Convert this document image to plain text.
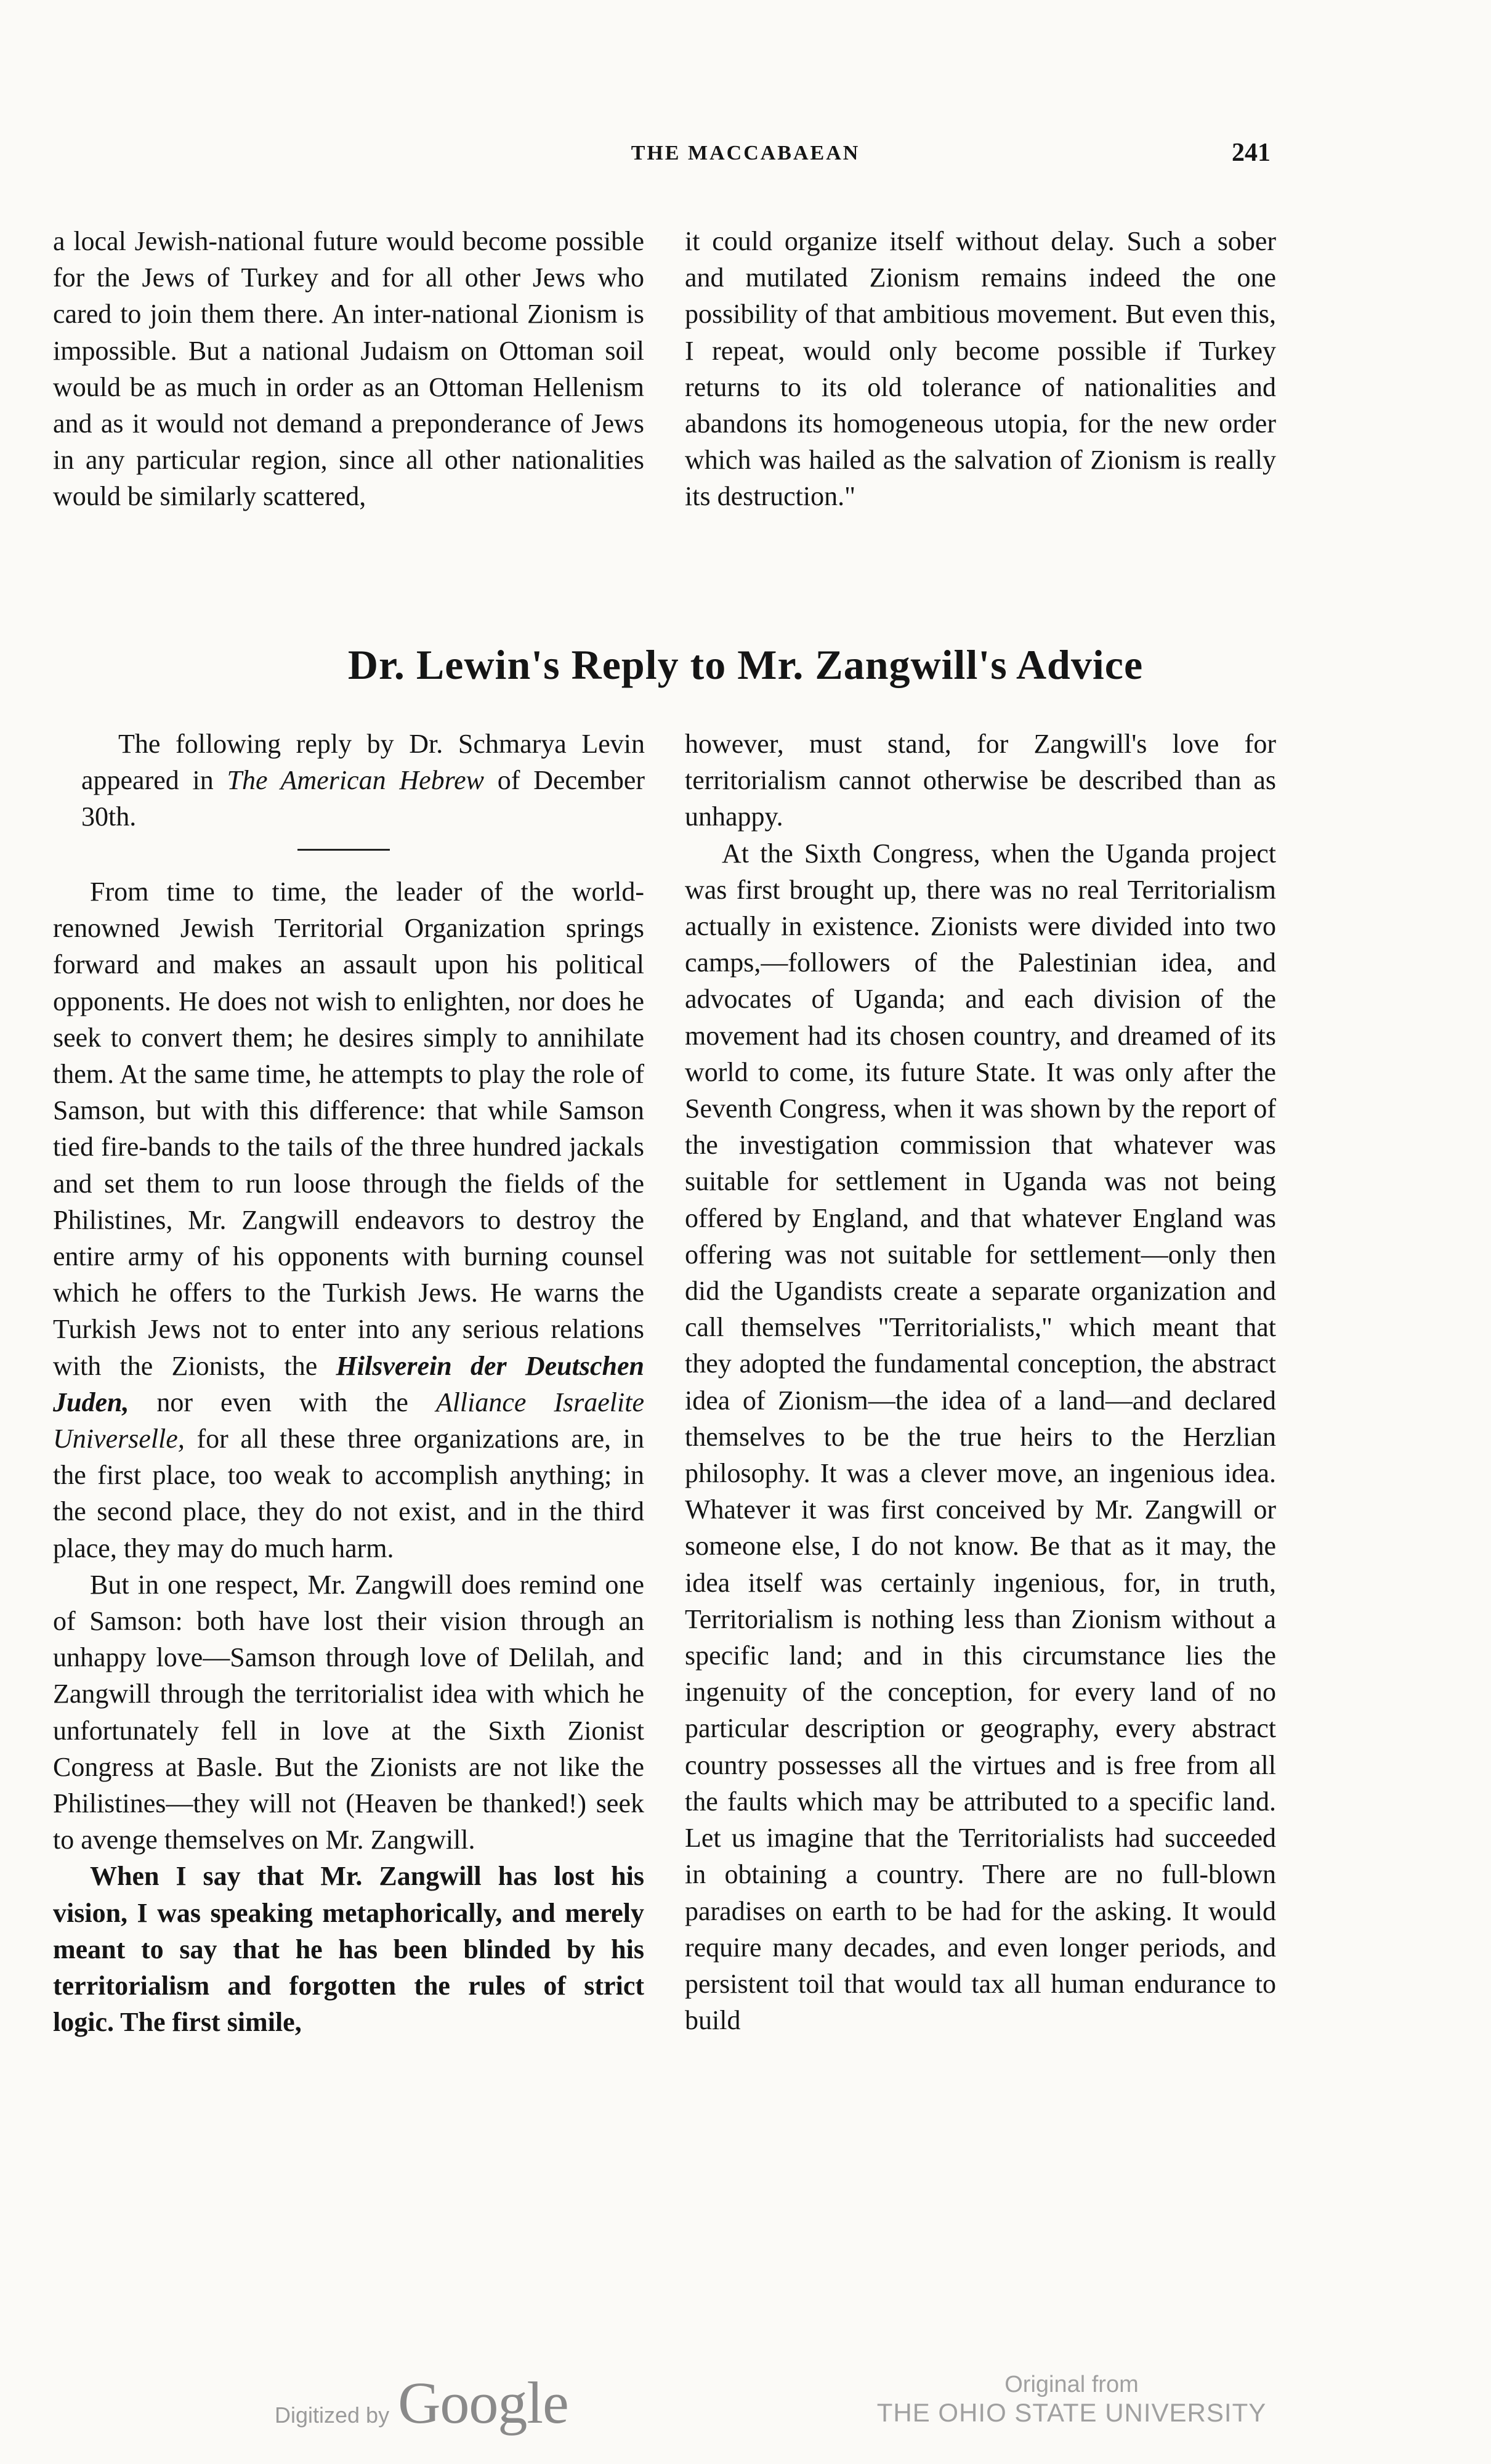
THE MACCABAEAN	241

a local Jewish-national future would become possible for the Jews of Turkey and for all other Jews who cared to join them there. An inter-national Zionism is impossible. But a national Judaism on Ottoman soil would be as much in order as an Ottoman Hellenism and as it would not demand a preponderance of Jews in any particular region, since all other nationalities would be similarly scattered,

it could organize itself without delay. Such a sober and mutilated Zionism remains indeed the one possibility of that ambitious movement. But even this, I repeat, would only become possible if Turkey returns to its old tolerance of nationalities and abandons its homogeneous utopia, for the new order which was hailed as the salvation of Zionism is really its destruction."

Dr. Lewin's Reply to Mr. Zangwill's Advice

The following reply by Dr. Schmarya Levin appeared in The American Hebrew of December 30th.

From time to time, the leader of the world-renowned Jewish Territorial Organization springs forward and makes an assault upon his political opponents. He does not wish to enlighten, nor does he seek to convert them; he desires simply to annihilate them. At the same time, he attempts to play the role of Samson, but with this difference: that while Samson tied fire-bands to the tails of the three hundred jackals and set them to run loose through the fields of the Philistines, Mr. Zangwill endeavors to destroy the entire army of his opponents with burning counsel which he offers to the Turkish Jews. He warns the Turkish Jews not to enter into any serious relations with the Zionists, the Hilsverein der Deutschen Juden, nor even with the Alliance Israelite Universelle, for all these three organizations are, in the first place, too weak to accomplish anything; in the second place, they do not exist, and in the third place, they may do much harm.

But in one respect, Mr. Zangwill does remind one of Samson: both have lost their vision through an unhappy love—Samson through love of Delilah, and Zangwill through the territorialist idea with which he unfortunately fell in love at the Sixth Zionist Congress at Basle. But the Zionists are not like the Philistines—they will not (Heaven be thanked!) seek to avenge themselves on Mr. Zangwill.

When I say that Mr. Zangwill has lost his vision, I was speaking metaphorically, and merely meant to say that he has been blinded by his territorialism and forgotten the rules of strict logic. The first simile,

however, must stand, for Zangwill's love for territorialism cannot otherwise be described than as unhappy.

At the Sixth Congress, when the Uganda project was first brought up, there was no real Territorialism actually in existence. Zionists were divided into two camps,—followers of the Palestinian idea, and advocates of Uganda; and each division of the movement had its chosen country, and dreamed of its world to come, its future State. It was only after the Seventh Congress, when it was shown by the report of the investigation commission that whatever was suitable for settlement in Uganda was not being offered by England, and that whatever England was offering was not suitable for settlement—only then did the Ugandists create a separate organization and call themselves "Territorialists," which meant that they adopted the fundamental conception, the abstract idea of Zionism—the idea of a land—and declared themselves to be the true heirs to the Herzlian philosophy. It was a clever move, an ingenious idea. Whatever it was first conceived by Mr. Zangwill or someone else, I do not know. Be that as it may, the idea itself was certainly ingenious, for, in truth, Territorialism is nothing less than Zionism without a specific land; and in this circumstance lies the ingenuity of the conception, for every land of no particular description or geography, every abstract country possesses all the virtues and is free from all the faults which may be attributed to a specific land. Let us imagine that the Territorialists had succeeded in obtaining a country. There are no full-blown paradises on earth to be had for the asking. It would require many decades, and even longer periods, and persistent toil that would tax all human endurance to build

Digitized by Google	Original from
THE OHIO STATE UNIVERSITY
